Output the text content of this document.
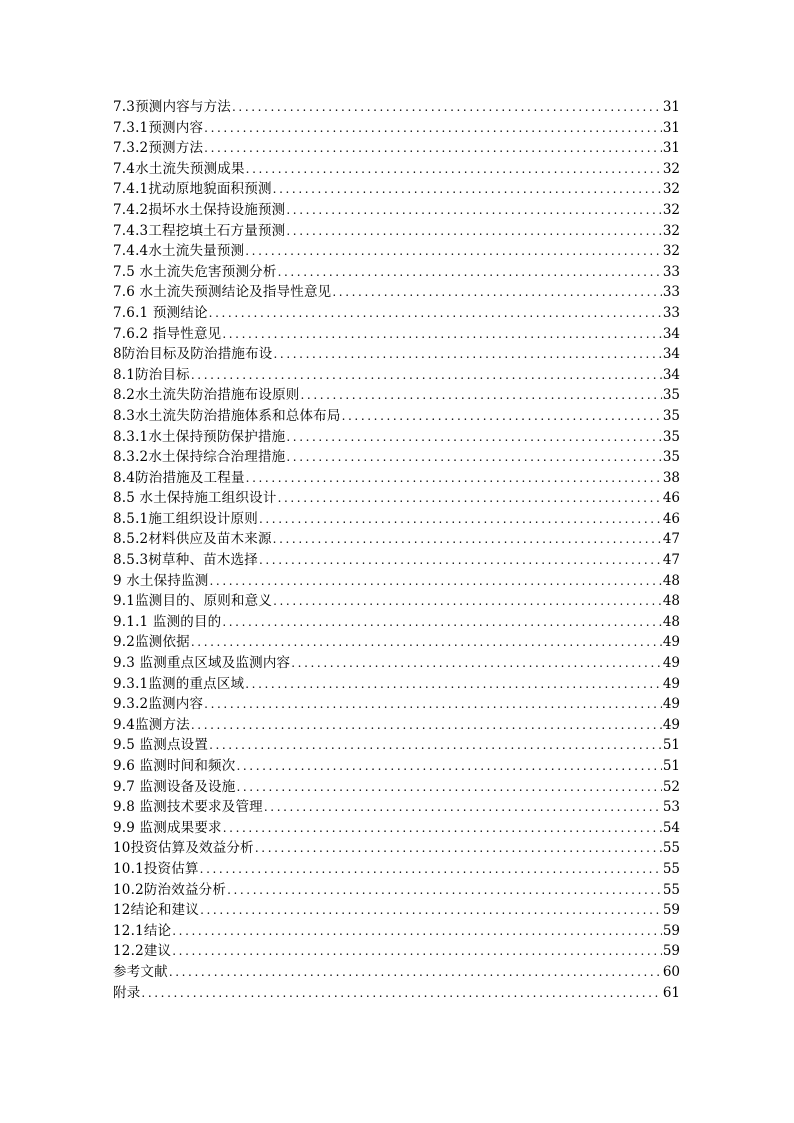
7.3预测内容与方法 .....	31
7.3.1预测内容 .....	31
7.3.2预测方法 .....	31
7.4水土流失预测成果 .....	32
7.4.1扰动原地貌面积预测 .....	32
7.4.2损坏水土保持设施预测 .....	32
7.4.3工程挖填土石方量预测 .....	32
7.4.4水土流失量预测 .....	32
7.5 水土流失危害预测分析 .....	33
7.6 水土流失预测结论及指导性意见 .....	33
7.6.1 预测结论 .....	33
7.6.2 指导性意见 .....	34
8防治目标及防治措施布设 .....	34
8.1防治目标 .....	34
8.2水土流失防治措施布设原则 .....	35
8.3水土流失防治措施体系和总体布局 .....	35
8.3.1水土保持预防保护措施 .....	35
8.3.2水土保持综合治理措施 .....	35
8.4防治措施及工程量 .....	38
8.5 水土保持施工组织设计 .....	46
8.5.1施工组织设计原则 .....	46
8.5.2材料供应及苗木来源 .....	47
8.5.3树草种、苗木选择 .....	47
9 水土保持监测 .....	48
9.1监测目的、原则和意义 .....	48
9.1.1 监测的目的 .....	48
9.2监测依据 .....	49
9.3 监测重点区域及监测内容 .....	49
9.3.1监测的重点区域 .....	49
9.3.2监测内容 .....	49
9.4监测方法 .....	49
9.5 监测点设置 .....	51
9.6 监测时间和频次 .....	51
9.7 监测设备及设施 .....	52
9.8 监测技术要求及管理 .....	53
9.9 监测成果要求 .....	54
10投资估算及效益分析 .....	55
10.1投资估算 .....	55
10.2防治效益分析 .....	55
12结论和建议 .....	59
12.1结论 .....	59
12.2建议 .....	59
参考文献 .....	60
附录 .....	61
